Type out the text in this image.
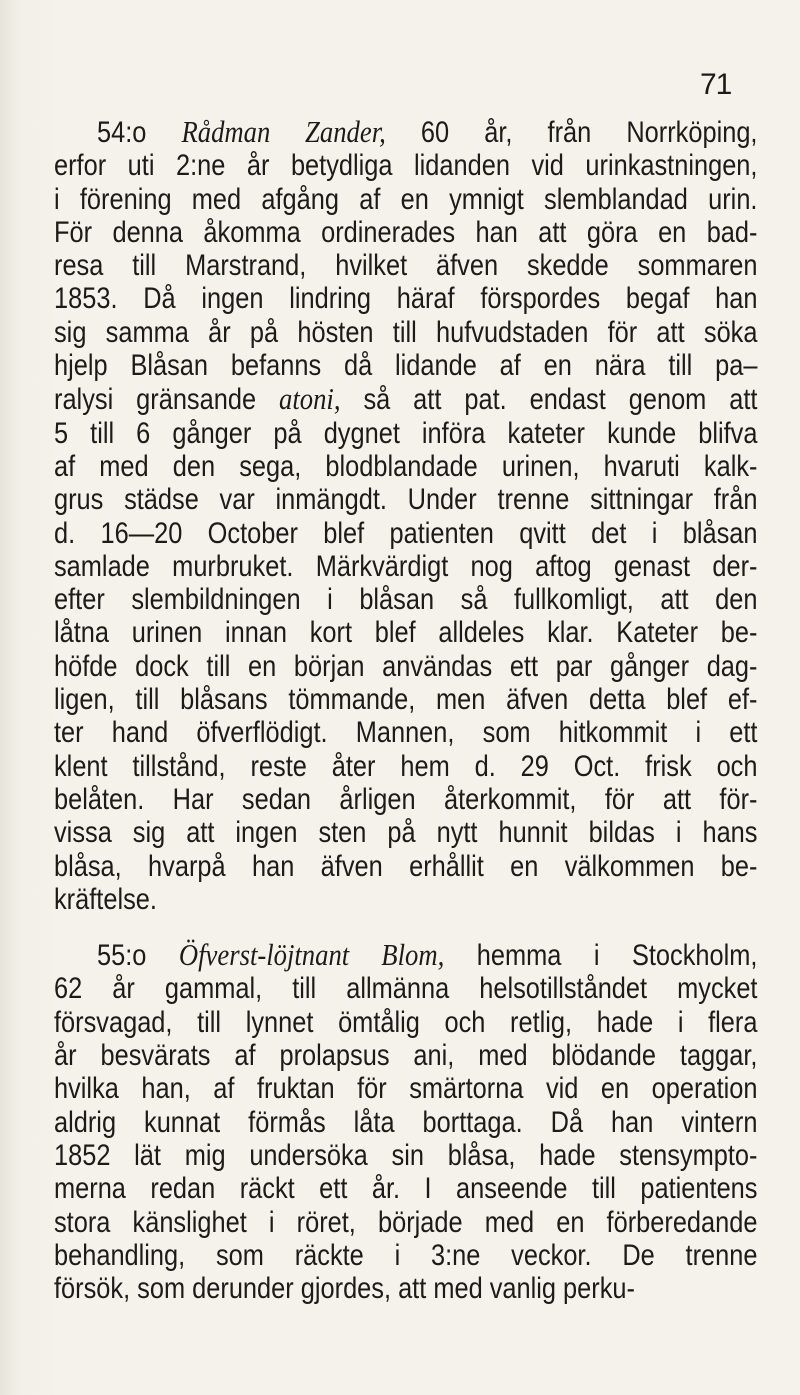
71

54:o Rådman Zander, 60 år, från Norrköping,
erfor uti 2:ne år betydliga lidanden vid urinkastningen,
i förening med afgång af en ymnigt slemblandad urin.
För denna åkomma ordinerades han att göra en bad-
resa till Marstrand, hvilket äfven skedde sommaren
1853. Då ingen lindring häraf förspordes begaf han
sig samma år på hösten till hufvudstaden för att söka
hjelp Blåsan befanns då lidande af en nära till pa–
ralysi gränsande atoni, så att pat. endast genom att
5 till 6 gånger på dygnet införa kateter kunde blifva
af med den sega, blodblandade urinen, hvaruti kalk-
grus städse var inmängdt. Under trenne sittningar från
d. 16—20 October blef patienten qvitt det i blåsan
samlade murbruket. Märkvärdigt nog aftog genast der-
efter slembildningen i blåsan så fullkomligt, att den
låtna urinen innan kort blef alldeles klar. Kateter be-
höfde dock till en början användas ett par gånger dag-
ligen, till blåsans tömmande, men äfven detta blef ef-
ter hand öfverflödigt. Mannen, som hitkommit i ett
klent tillstånd, reste åter hem d. 29 Oct. frisk och
belåten. Har sedan årligen återkommit, för att för-
vissa sig att ingen sten på nytt hunnit bildas i hans
blåsa, hvarpå han äfven erhållit en välkommen be-
kräftelse.

55:o Öfverst-löjtnant Blom, hemma i Stockholm,
62 år gammal, till allmänna helsotillståndet mycket
försvagad, till lynnet ömtålig och retlig, hade i flera
år besvärats af prolapsus ani, med blödande taggar,
hvilka han, af fruktan för smärtorna vid en operation
aldrig kunnat förmås låta borttaga. Då han vintern
1852 lät mig undersöka sin blåsa, hade stensympto-
merna redan räckt ett år. I anseende till patientens
stora känslighet i röret, började med en förberedande
behandling, som räckte i 3:ne veckor. De trenne
försök, som derunder gjordes, att med vanlig perku-
